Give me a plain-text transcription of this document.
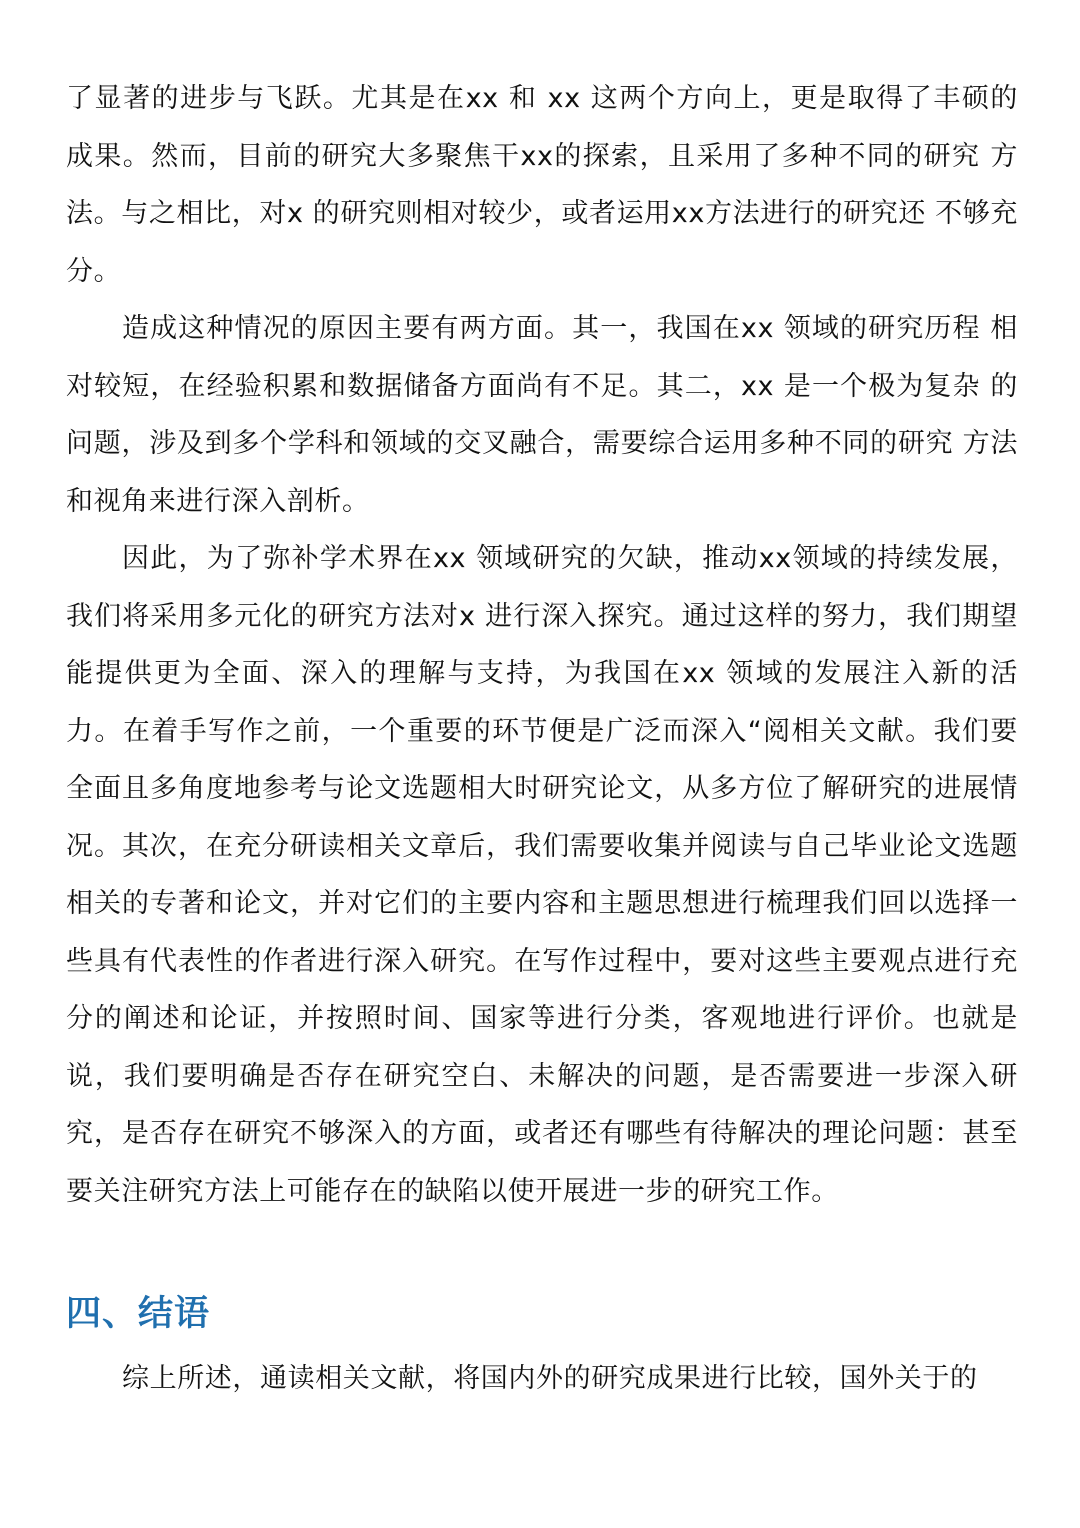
了显著的进步与飞跃。尤其是在xx 和 xx 这两个方向上，更是取得了丰硕的 成果。然而，目前的研究大多聚焦干xx的探索，且采用了多种不同的研究 方法。与之相比，对x 的研究则相对较少，或者运用xx方法进行的研究还 不够充分。

造成这种情况的原因主要有两方面。其一，我国在xx 领域的研究历程 相对较短，在经验积累和数据储备方面尚有不足。其二，xx 是一个极为复杂 的问题，涉及到多个学科和领域的交叉融合，需要综合运用多种不同的研究 方法和视角来进行深入剖析。

因此，为了弥补学术界在xx 领域研究的欠缺，推动xx领域的持续发展，我们将采用多元化的研究方法对x 进行深入探究。通过这样的努力，我们期望能提供更为全面、深入的理解与支持，为我国在xx 领域的发展注入新的活力。在着手写作之前，一个重要的环节便是广泛而深入“阅相关文献。我们要全面且多角度地参考与论文选题相大时研究论文，从多方位了解研究的进展情况。其次，在充分研读相关文章后，我们需要收集并阅读与自己毕业论文选题相关的专著和论文，并对它们的主要内容和主题思想进行梳理我们回以选择一些具有代表性的作者进行深入研究。在写作过程中，要对这些主要观点进行充分的阐述和论证，并按照时间、国家等进行分类，客观地进行评价。也就是说，我们要明确是否存在研究空白、未解决的问题，是否需要进一步深入研究，是否存在研究不够深入的方面，或者还有哪些有待解决的理论问题：甚至要关注研究方法上可能存在的缺陷以使开展进一步的研究工作。

四、结语

综上所述，通读相关文献，将国内外的研究成果进行比较，国外关于的
